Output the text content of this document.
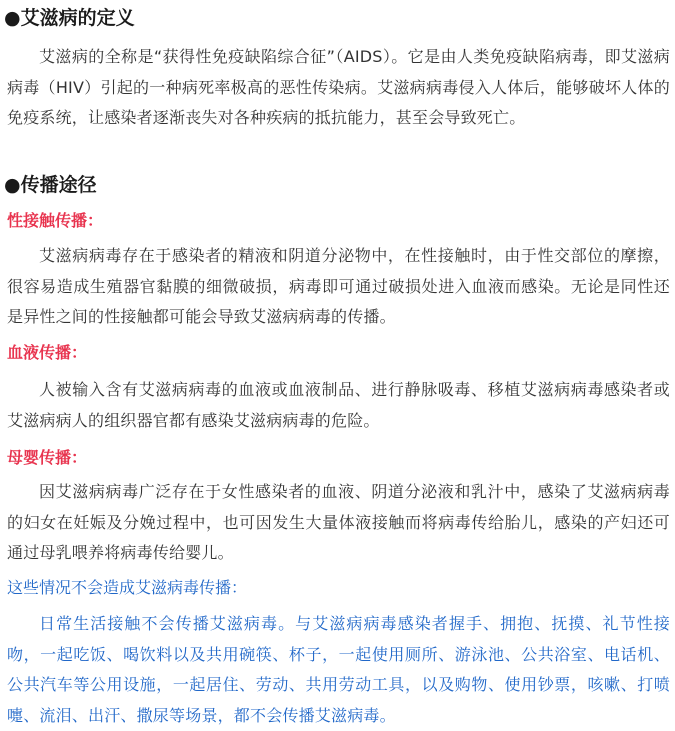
●艾滋病的定义

艾滋病的全称是“获得性免疫缺陷综合征”（AIDS）。它是由人类免疫缺陷病毒，即艾滋病病毒（HIV）引起的一种病死率极高的恶性传染病。艾滋病病毒侵入人体后，能够破坏人体的免疫系统，让感染者逐渐丧失对各种疾病的抵抗能力，甚至会导致死亡。

●传播途径
性接触传播：

艾滋病病毒存在于感染者的精液和阴道分泌物中，在性接触时，由于性交部位的摩擦，很容易造成生殖器官黏膜的细微破损，病毒即可通过破损处进入血液而感染。无论是同性还是异性之间的性接触都可能会导致艾滋病病毒的传播。

血液传播：

人被输入含有艾滋病病毒的血液或血液制品、进行静脉吸毒、移植艾滋病病毒感染者或艾滋病病人的组织器官都有感染艾滋病病毒的危险。

母婴传播：

因艾滋病病毒广泛存在于女性感染者的血液、阴道分泌液和乳汁中，感染了艾滋病病毒的妇女在妊娠及分娩过程中，也可因发生大量体液接触而将病毒传给胎儿，感染的产妇还可通过母乳喂养将病毒传给婴儿。

这些情况不会造成艾滋病毒传播：

日常生活接触不会传播艾滋病毒。与艾滋病病毒感染者握手、拥抱、抚摸、礼节性接吻，一起吃饭、喝饮料以及共用碗筷、杯子，一起使用厕所、游泳池、公共浴室、电话机、公共汽车等公用设施，一起居住、劳动、共用劳动工具，以及购物、使用钞票，咳嗽、打喷嚏、流泪、出汗、撒尿等场景，都不会传播艾滋病毒。
